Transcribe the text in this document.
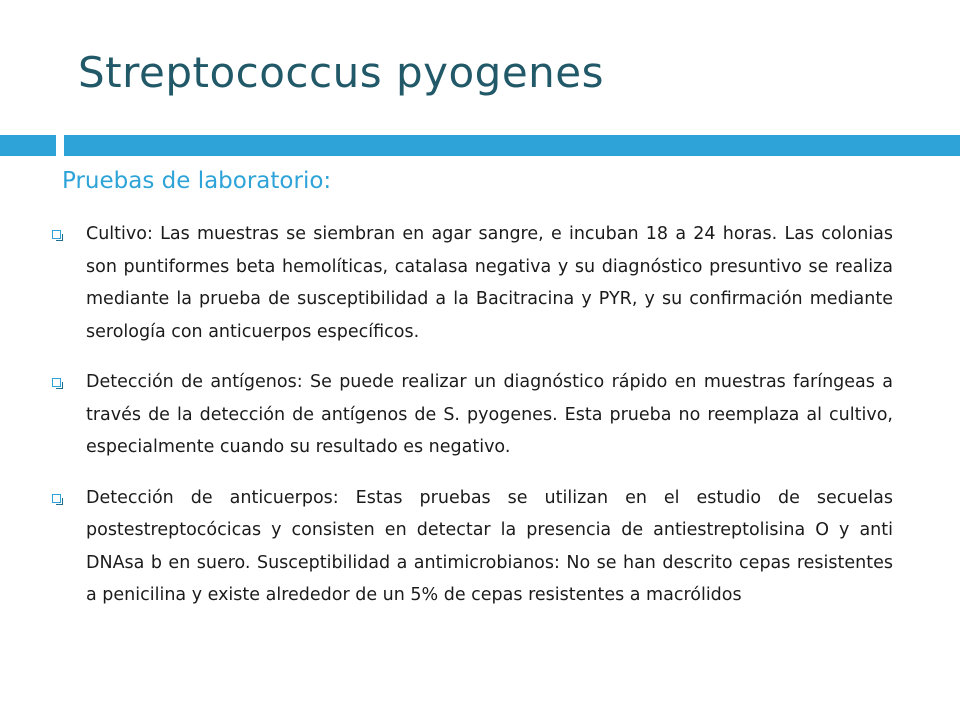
Streptococcus pyogenes
Pruebas de laboratorio:
Cultivo: Las muestras se siembran en agar sangre, e incuban 18 a 24 horas. Las colonias son puntiformes beta hemolíticas, catalasa negativa y su diagnóstico presuntivo se realiza mediante la prueba de susceptibilidad a la Bacitracina y PYR, y su confirmación mediante serología con anticuerpos específicos.
Detección de antígenos: Se puede realizar un diagnóstico rápido en muestras faríngeas a través de la detección de antígenos de S. pyogenes. Esta prueba no reemplaza al cultivo, especialmente cuando su resultado es negativo.
Detección de anticuerpos: Estas pruebas se utilizan en el estudio de secuelas postestreptocócicas y consisten en detectar la presencia de antiestreptolisina O y anti DNAsa b en suero. Susceptibilidad a antimicrobianos: No se han descrito cepas resistentes a penicilina y existe alrededor de un 5% de cepas resistentes a macrólidos
